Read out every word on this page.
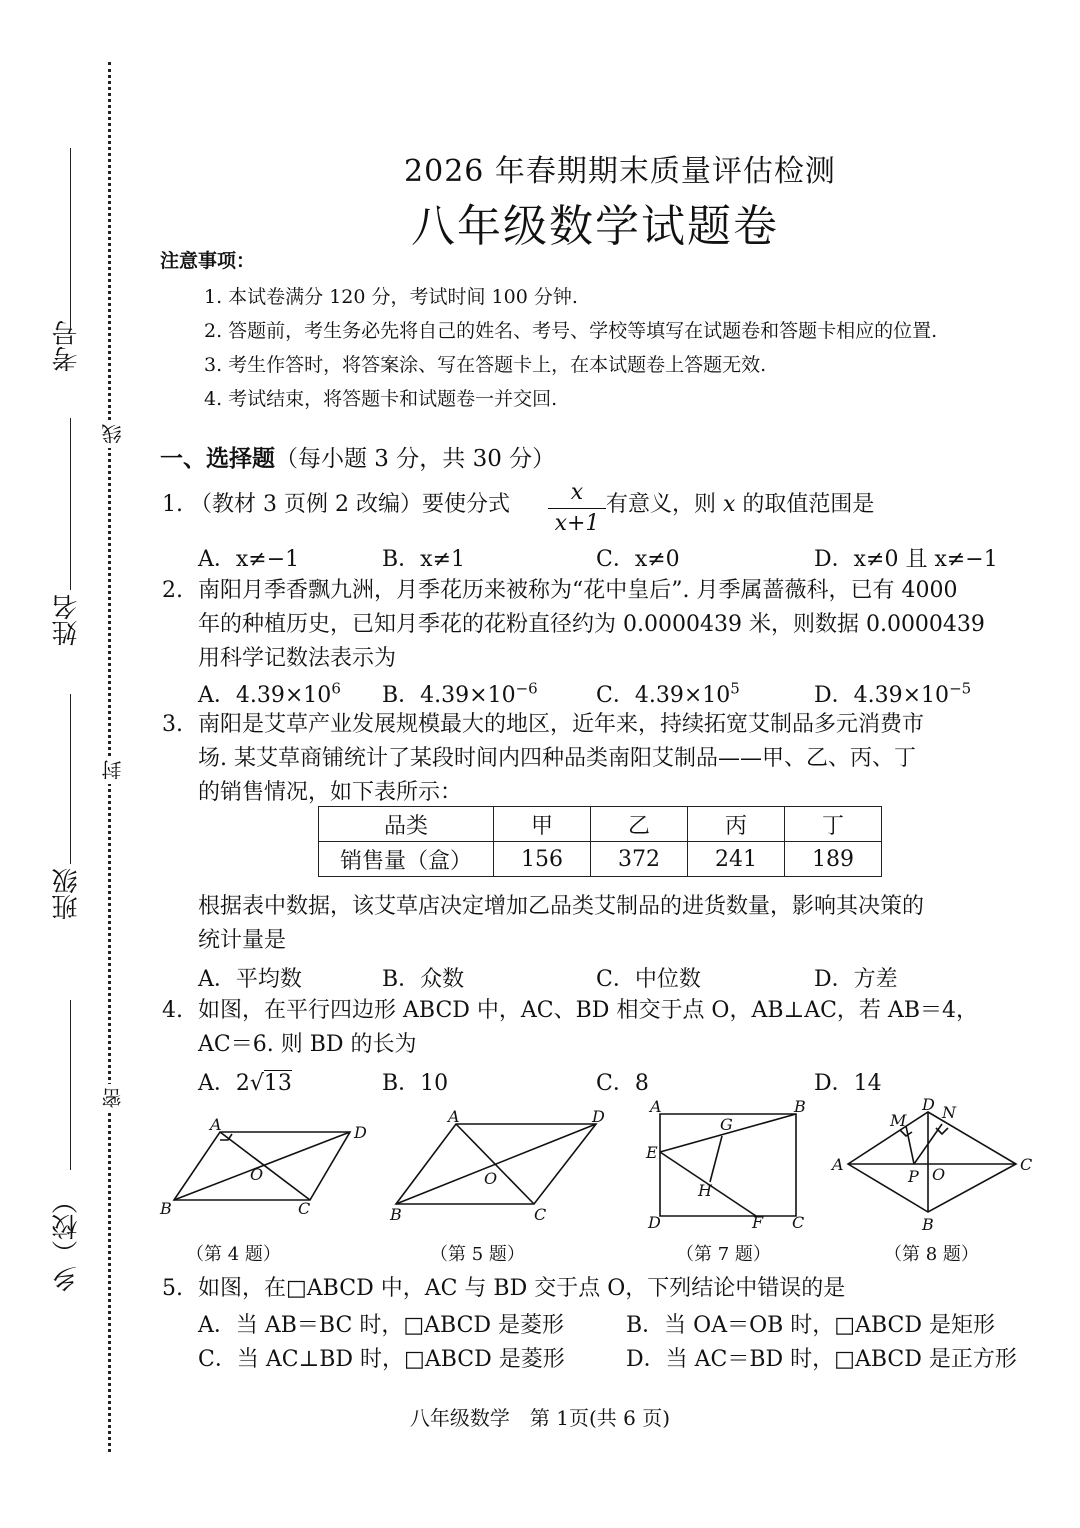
考号
姓名
班级
乡（校）
线
封
密
2026 年春期期末质量评估检测
八年级数学试题卷
注意事项：
1. 本试卷满分 120 分，考试时间 100 分钟.
2. 答题前，考生务必先将自己的姓名、考号、学校等填写在试题卷和答题卡相应的位置.
3. 考生作答时，将答案涂、写在答题卡上，在本试题卷上答题无效.
4. 考试结束，将答题卡和试题卷一并交回.
一、选择题（每小题 3 分，共 30 分）
1. （教材 3 页例 2 改编）要使分式	$\frac{x}{x+1}$ 有意义，则 x 的取值范围是
A．x≠−1	B．x≠1	C．x≠0	D．x≠0 且 x≠−1
2. 南阳月季香飘九洲，月季花历来被称为“花中皇后”. 月季属蔷薇科，已有 4000
年的种植历史，已知月季花的花粉直径约为 0.0000439 米，则数据 0.0000439
用科学记数法表示为
A．$4.39\times 10^6$ B．$4.39\times 10^{-6}$	C．$4.39\times 10^5$	D．$4.39\times 10^{-5}$
3. 南阳是艾草产业发展规模最大的地区，近年来，持续拓宽艾制品多元消费市
场. 某艾草商铺统计了某段时间内四种品类南阳艾制品——甲、乙、丙、丁
的销售情况，如下表所示：
品类	甲	乙	丙	丁
销售量（盒）	156	372	241	189
根据表中数据，该艾草店决定增加乙品类艾制品的进货数量，影响其决策的
统计量是
A．平均数	B．众数	C．中位数	D．方差
4. 如图，在平行四边形 ABCD 中，AC、BD 相交于点 O，AB⊥AC，若 AB＝4，
AC＝6. 则 BD 的长为
A．2√13	B．10	C．8	D．14
A	D
O
B	C
A	D
O
B	C
A	B
E
G
H
D	F C
M
D N
A
P O
C
B
（第 4 题）	（第 5 题）	（第 7 题）	（第 8 题）
5. 如图，在□ABCD 中，AC 与 BD 交于点 O，下列结论中错误的是
A．当 AB＝BC 时，□ABCD 是菱形	B．当 OA＝OB 时，□ABCD 是矩形
C．当 AC⊥BD 时，□ABCD 是菱形	D．当 AC＝BD 时，□ABCD 是正方形
八年级数学　第 1页(共 6 页)
